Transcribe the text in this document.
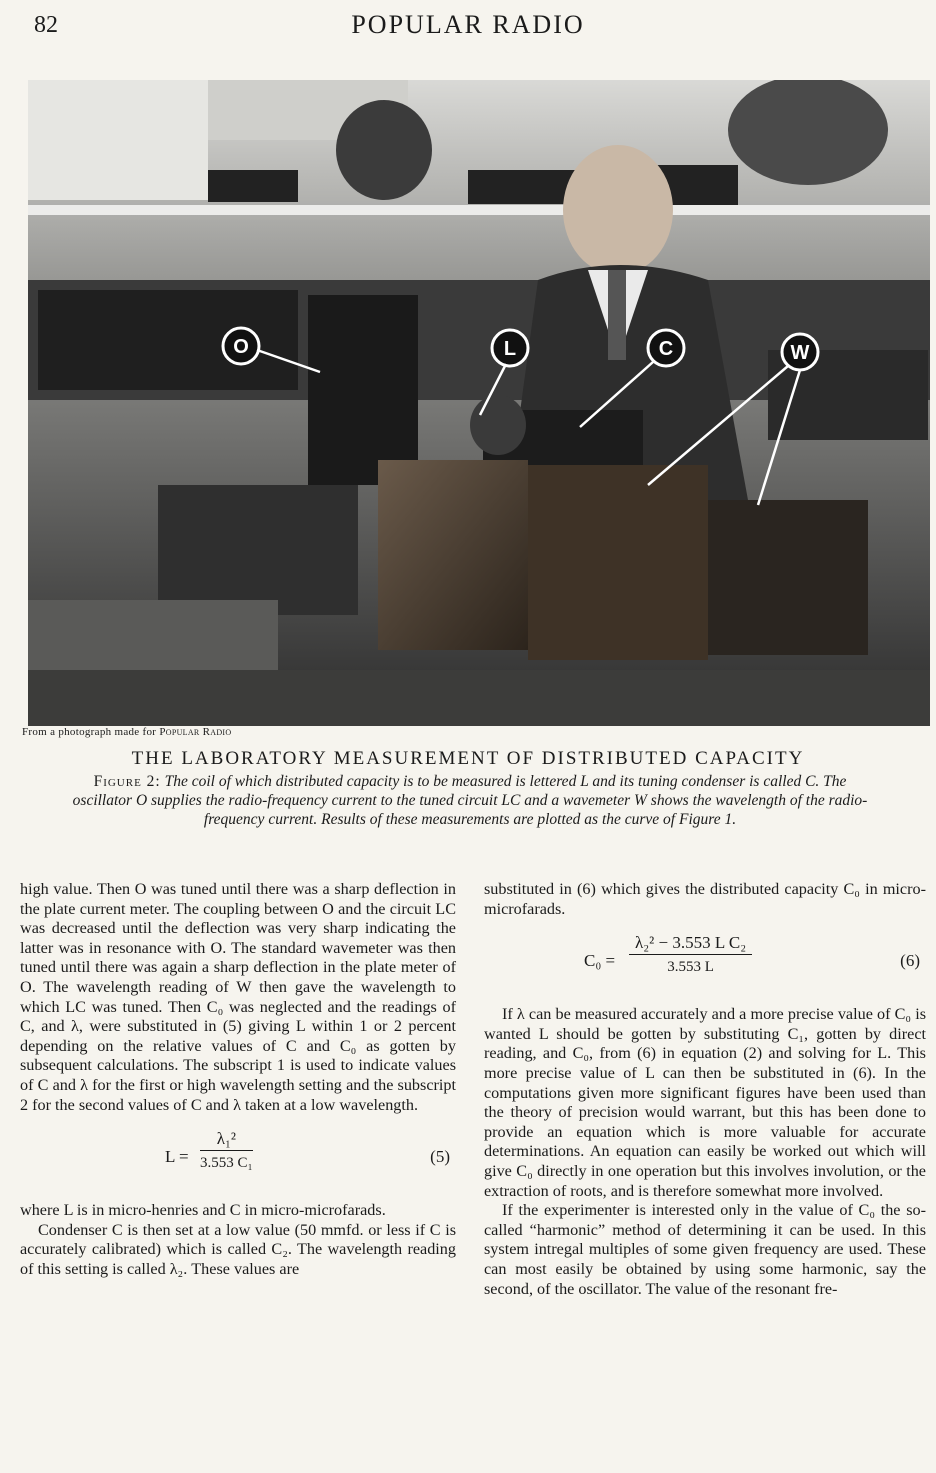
82	POPULAR RADIO
O	L	C	W
From a photograph made for Popular Radio
THE LABORATORY MEASUREMENT OF DISTRIBUTED CAPACITY
Figure 2: The coil of which distributed capacity is to be measured is lettered L and its tuning condenser is called C. The oscillator O supplies the radio-frequency current to the tuned circuit LC and a wavemeter W shows the wavelength of the radio-frequency current. Results of these measurements are plotted as the curve of Figure 1.

high value. Then O was tuned until there was a sharp deflection in the plate current meter. The coupling between O and the circuit LC was decreased until the deflection was very sharp indicating the latter was in resonance with O. The standard wavemeter was then tuned until there was again a sharp deflection in the plate meter of O. The wavelength reading of W then gave the wavelength to which LC was tuned. Then C₀ was neglected and the readings of C, and λ, were substituted in (5) giving L within 1 or 2 percent depending on the relative values of C and C₀ as gotten by subsequent calculations. The subscript 1 is used to indicate values of C and λ for the first or high wavelength setting and the subscript 2 for the second values of C and λ taken at a low wavelength.

$L = \frac{\text{λ₁²}}{\text{3.553 C₁}}$	(5)

where L is in micro-henries and C in micro-microfarads.

Condenser C is then set at a low value (50 mmfd. or less if C is accurately calibrated) which is called C₂. The wavelength reading of this setting is called λ₂. These values are

substituted in (6) which gives the distributed capacity C₀ in micro-microfarads.

$C_0 = \frac{\text{λ₂² − 3.553 L C₂}}{3.553 L}$	(6)

If λ can be measured accurately and a more precise value of C₀ is wanted L should be gotten by substituting C₁, gotten by direct reading, and C₀, from (6) in equation (2) and solving for L. This more precise value of L can then be substituted in (6). In the computations given more significant figures have been used than the theory of precision would warrant, but this has been done to provide an equation which is more valuable for accurate determinations. An equation can easily be worked out which will give C₀ directly in one operation but this involves involution, or the extraction of roots, and is therefore somewhat more involved.

If the experimenter is interested only in the value of C₀ the so-called “harmonic” method of determining it can be used. In this system intregal multiples of some given frequency are used. These can most easily be obtained by using some harmonic, say the second, of the oscillator. The value of the resonant fre-
